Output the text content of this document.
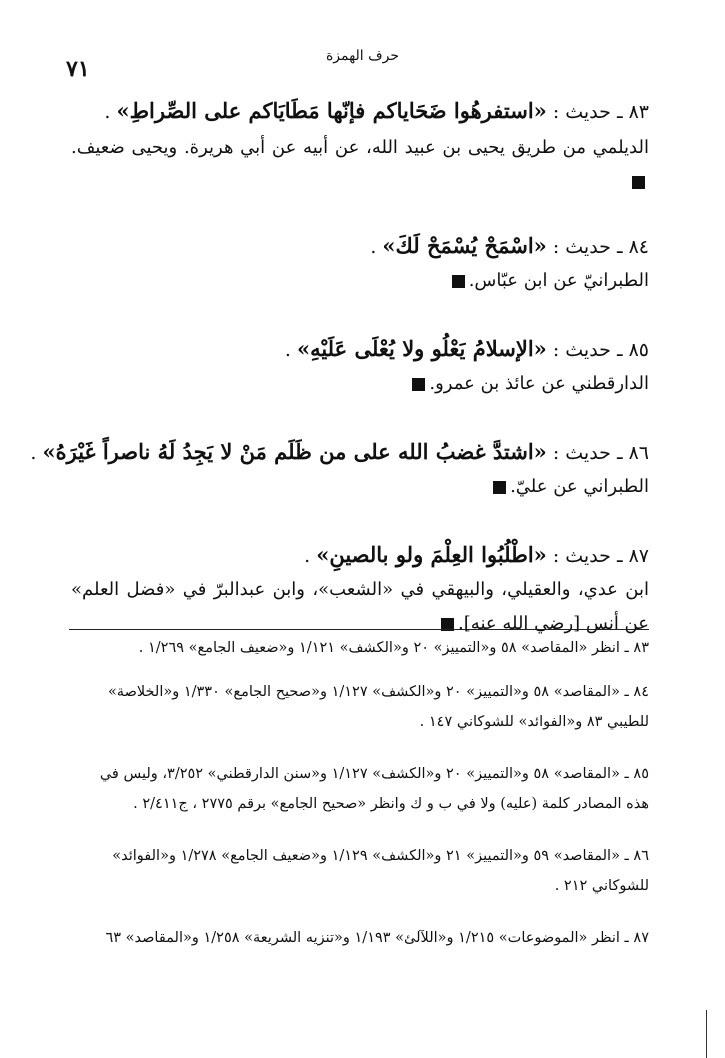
حرف الهمزة
٧١
٨٣ ـ حديث : «استفرهُوا ضَحَاياكم فإنّها مَطَايَاكم على الصِّراطِ» .
الديلمي من طريق يحيى بن عبيد الله، عن أبيه عن أبي هريرة. ويحيى ضعيف.
٨٤ ـ حديث : «اسْمَحْ يُسْمَحْ لَكَ» .
الطبرانيّ عن ابن عبّاس.
٨٥ ـ حديث : «الإسلامُ يَعْلُو ولا يُعْلَى عَلَيْهِ» .
الدارقطني عن عائذ بن عمرو.
٨٦ ـ حديث : «اشتدَّ غضبُ الله على من ظَلَم مَنْ لا يَجِدُ لَهُ ناصراً غَيْرَهُ» .
الطبراني عن عليّ.
٨٧ ـ حديث : «اطْلُبُوا العِلْمَ ولو بالصينِ» .
ابن عدي، والعقيلي، والبيهقي في «الشعب»، وابن عبدالبرّ في «فضل العلم» عن أنس [رضي الله عنه].
٨٣ ـ انظر «المقاصد» ٥٨ و«التمييز» ٢٠ و«الكشف» ١/١٢١ و«ضعيف الجامع» ١/٢٦٩ .
٨٤ ـ «المقاصد» ٥٨ و«التمييز» ٢٠ و«الكشف» ١/١٢٧ و«صحيح الجامع» ١/٣٣٠ و«الخلاصة»
للطيبي ٨٣ و«الفوائد» للشوكاني ١٤٧ .
٨٥ ـ «المقاصد» ٥٨ و«التمييز» ٢٠ و«الكشف» ١/١٢٧ و«سنن الدارقطني» ٣/٢٥٢، وليس في
هذه المصادر كلمة (عليه) ولا في ب و ك وانظر «صحيح الجامع» برقم ٢٧٧٥ ، ج٢/٤١١ .
٨٦ ـ «المقاصد» ٥٩ و«التمييز» ٢١ و«الكشف» ١/١٢٩ و«ضعيف الجامع» ١/٢٧٨ و«الفوائد»
للشوكاني ٢١٢ .
٨٧ ـ انظر «الموضوعات» ١/٢١٥ و«اللآلئ» ١/١٩٣ و«تنزيه الشريعة» ١/٢٥٨ و«المقاصد» ٦٣
